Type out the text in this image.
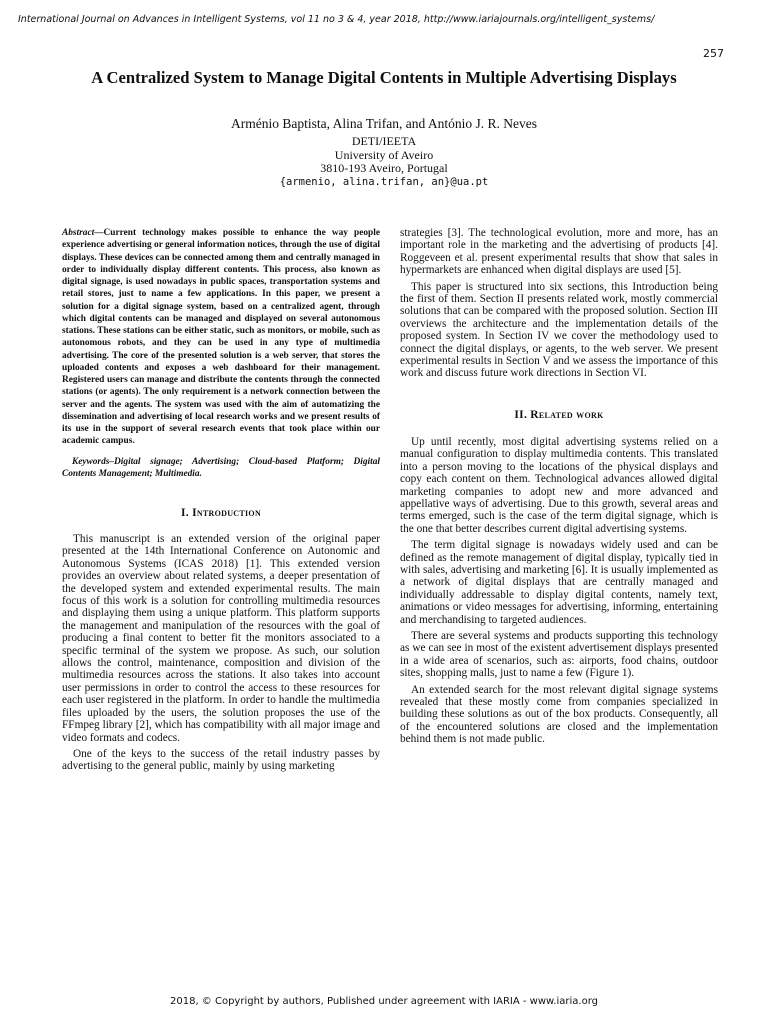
International Journal on Advances in Intelligent Systems, vol 11 no 3 & 4, year 2018, http://www.iariajournals.org/intelligent_systems/
257
A Centralized System to Manage Digital Contents in Multiple Advertising Displays
Arménio Baptista, Alina Trifan, and António J. R. Neves
DETI/IEETA
University of Aveiro
3810-193 Aveiro, Portugal
{armenio, alina.trifan, an}@ua.pt

Abstract—Current technology makes possible to enhance the way people experience advertising or general information notices, through the use of digital displays. These devices can be connected among them and centrally managed in order to individually display different contents. This process, also known as digital signage, is used nowadays in public spaces, transportation systems and retail stores, just to name a few applications. In this paper, we present a solution for a digital signage system, based on a centralized agent, through which digital contents can be managed and displayed on several autonomous stations. These stations can be either static, such as monitors, or mobile, such as autonomous robots, and they can be used in any type of multimedia advertising. The core of the presented solution is a web server, that stores the uploaded contents and exposes a web dashboard for their management. Registered users can manage and distribute the contents through the connected stations (or agents). The only requirement is a network connection between the server and the agents. The system was used with the aim of automatizing the dissemination and advertising of local research works and we present results of its use in the support of several research events that took place within our academic campus.

Keywords–Digital signage; Advertising; Cloud-based Platform; Digital Contents Management; Multimedia.

I. Introduction

This manuscript is an extended version of the original paper presented at the 14th International Conference on Autonomic and Autonomous Systems (ICAS 2018) [1]. This extended version provides an overview about related systems, a deeper presentation of the developed system and extended experimental results. The main focus of this work is a solution for controlling multimedia resources and displaying them using a unique platform. This platform supports the management and manipulation of the resources with the goal of producing a final content to better fit the monitors associated to a specific terminal of the system we propose. As such, our solution allows the control, maintenance, composition and division of the multimedia resources across the stations. It also takes into account user permissions in order to control the access to these resources for each user registered in the platform. In order to handle the multimedia files uploaded by the users, the solution proposes the use of the FFmpeg library [2], which has compatibility with all major image and video formats and codecs.

One of the keys to the success of the retail industry passes by advertising to the general public, mainly by using marketing

strategies [3]. The technological evolution, more and more, has an important role in the marketing and the advertising of products [4]. Roggeveen et al. present experimental results that show that sales in hypermarkets are enhanced when digital displays are used [5].

This paper is structured into six sections, this Introduction being the first of them. Section II presents related work, mostly commercial solutions that can be compared with the proposed solution. Section III overviews the architecture and the implementation details of the proposed system. In Section IV we cover the methodology used to connect the digital displays, or agents, to the web server. We present experimental results in Section V and we assess the importance of this work and discuss future work directions in Section VI.

II. Related work

Up until recently, most digital advertising systems relied on a manual configuration to display multimedia contents. This translated into a person moving to the locations of the physical displays and copy each content on them. Technological advances allowed digital marketing companies to adopt new and more advanced and appellative ways of advertising. Due to this growth, several areas and terms emerged, such is the case of the term digital signage, which is the one that better describes current digital advertising systems.

The term digital signage is nowadays widely used and can be defined as the remote management of digital display, typically tied in with sales, advertising and marketing [6]. It is usually implemented as a network of digital displays that are centrally managed and individually addressable to display digital contents, namely text, animations or video messages for advertising, informing, entertaining and merchandising to targeted audiences.

There are several systems and products supporting this technology as we can see in most of the existent advertisement displays presented in a wide area of scenarios, such as: airports, food chains, outdoor sites, shopping malls, just to name a few (Figure 1).

An extended search for the most relevant digital signage systems revealed that these mostly come from companies specialized in building these solutions as out of the box products. Consequently, all of the encountered solutions are closed and the implementation behind them is not made public.

2018, © Copyright by authors, Published under agreement with IARIA - www.iaria.org
